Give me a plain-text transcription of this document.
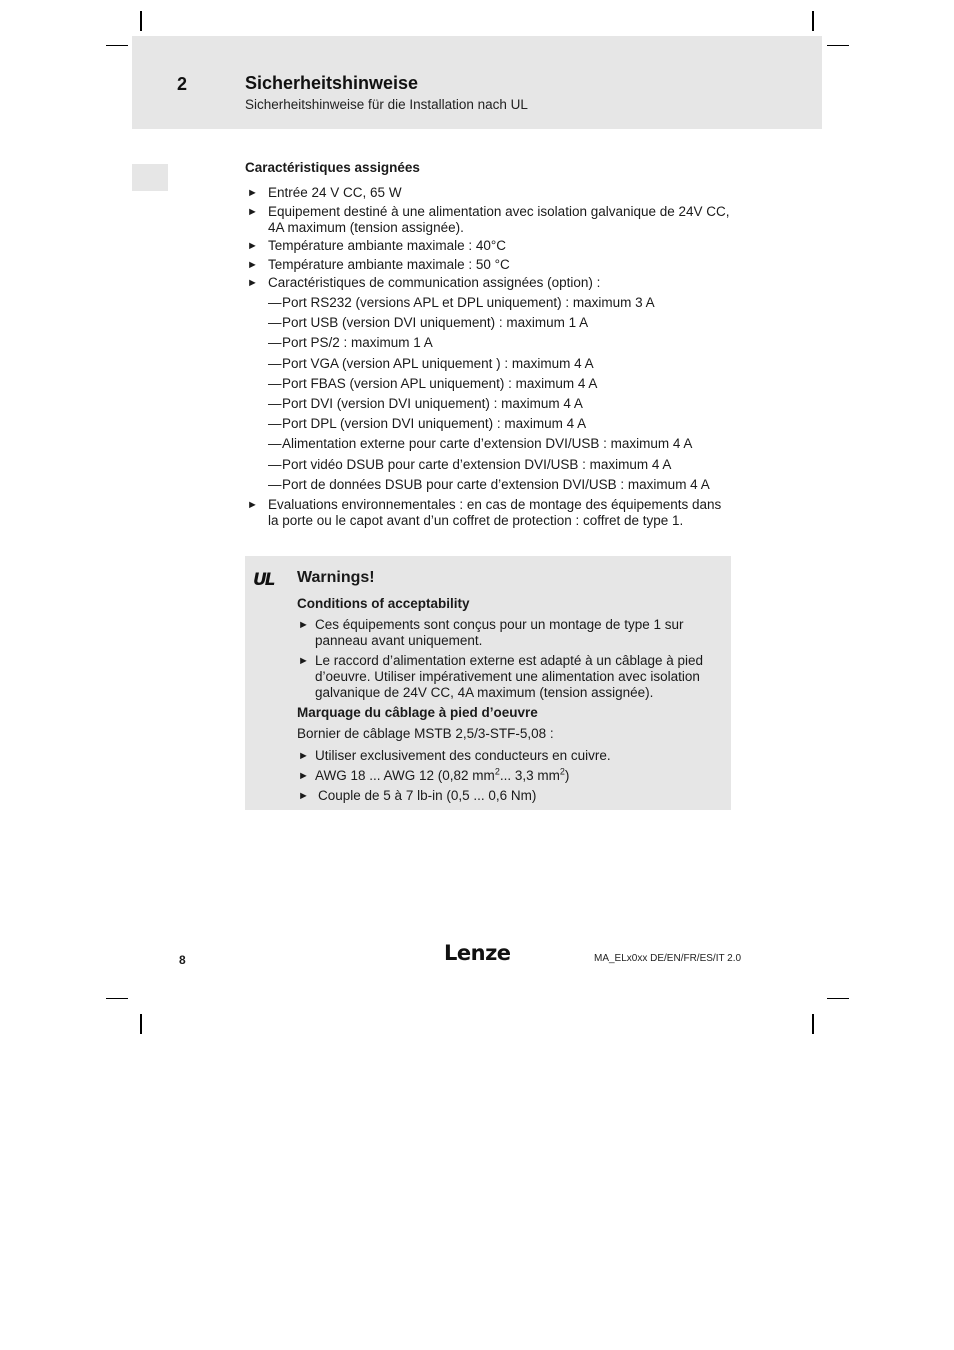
2	Sicherheitshinweise
Sicherheitshinweise für die Installation nach UL
Caractéristiques assignées
► Entrée 24 V CC, 65 W
► Equipement destiné à une alimentation avec isolation galvanique de 24V CC, 4A maximum (tension assignée).
► Température ambiante maximale : 40°C
► Température ambiante maximale : 50 °C
► Caractéristiques de communication assignées (option) :
— Port RS232 (versions APL et DPL uniquement) : maximum 3 A
— Port USB (version DVI uniquement) : maximum 1 A
— Port PS/2 : maximum 1 A
— Port VGA (version APL uniquement ) : maximum 4 A
— Port FBAS (version APL uniquement) : maximum 4 A
— Port DVI (version DVI uniquement) : maximum 4 A
— Port DPL (version DVI uniquement) : maximum 4 A
— Alimentation externe pour carte d’extension DVI/USB : maximum 4 A
— Port vidéo DSUB pour carte d’extension DVI/USB : maximum 4 A
— Port de données DSUB pour carte d’extension DVI/USB : maximum 4 A
► Evaluations environnementales : en cas de montage des équipements dans la porte ou le capot avant d’un coffret de protection : coffret de type 1.
UL Warnings!
Conditions of acceptability
► Ces équipements sont conçus pour un montage de type 1 sur panneau avant uniquement.
► Le raccord d’alimentation externe est adapté à un câblage à pied d’oeuvre. Utiliser impérativement une alimentation avec isolation galvanique de 24V CC, 4A maximum (tension assignée).
Marquage du câblage à pied d’oeuvre
Bornier de câblage MSTB 2,5/3-STF-5,08 :
► Utiliser exclusivement des conducteurs en cuivre.
► AWG 18 ... AWG 12 (0,82 $mm^2$... 3,3 $mm^2$)
► Couple de 5 à 7 lb-in (0,5 ... 0,6 Nm)
8	Lenze	MA_ELx0xx DE/EN/FR/ES/IT 2.0
